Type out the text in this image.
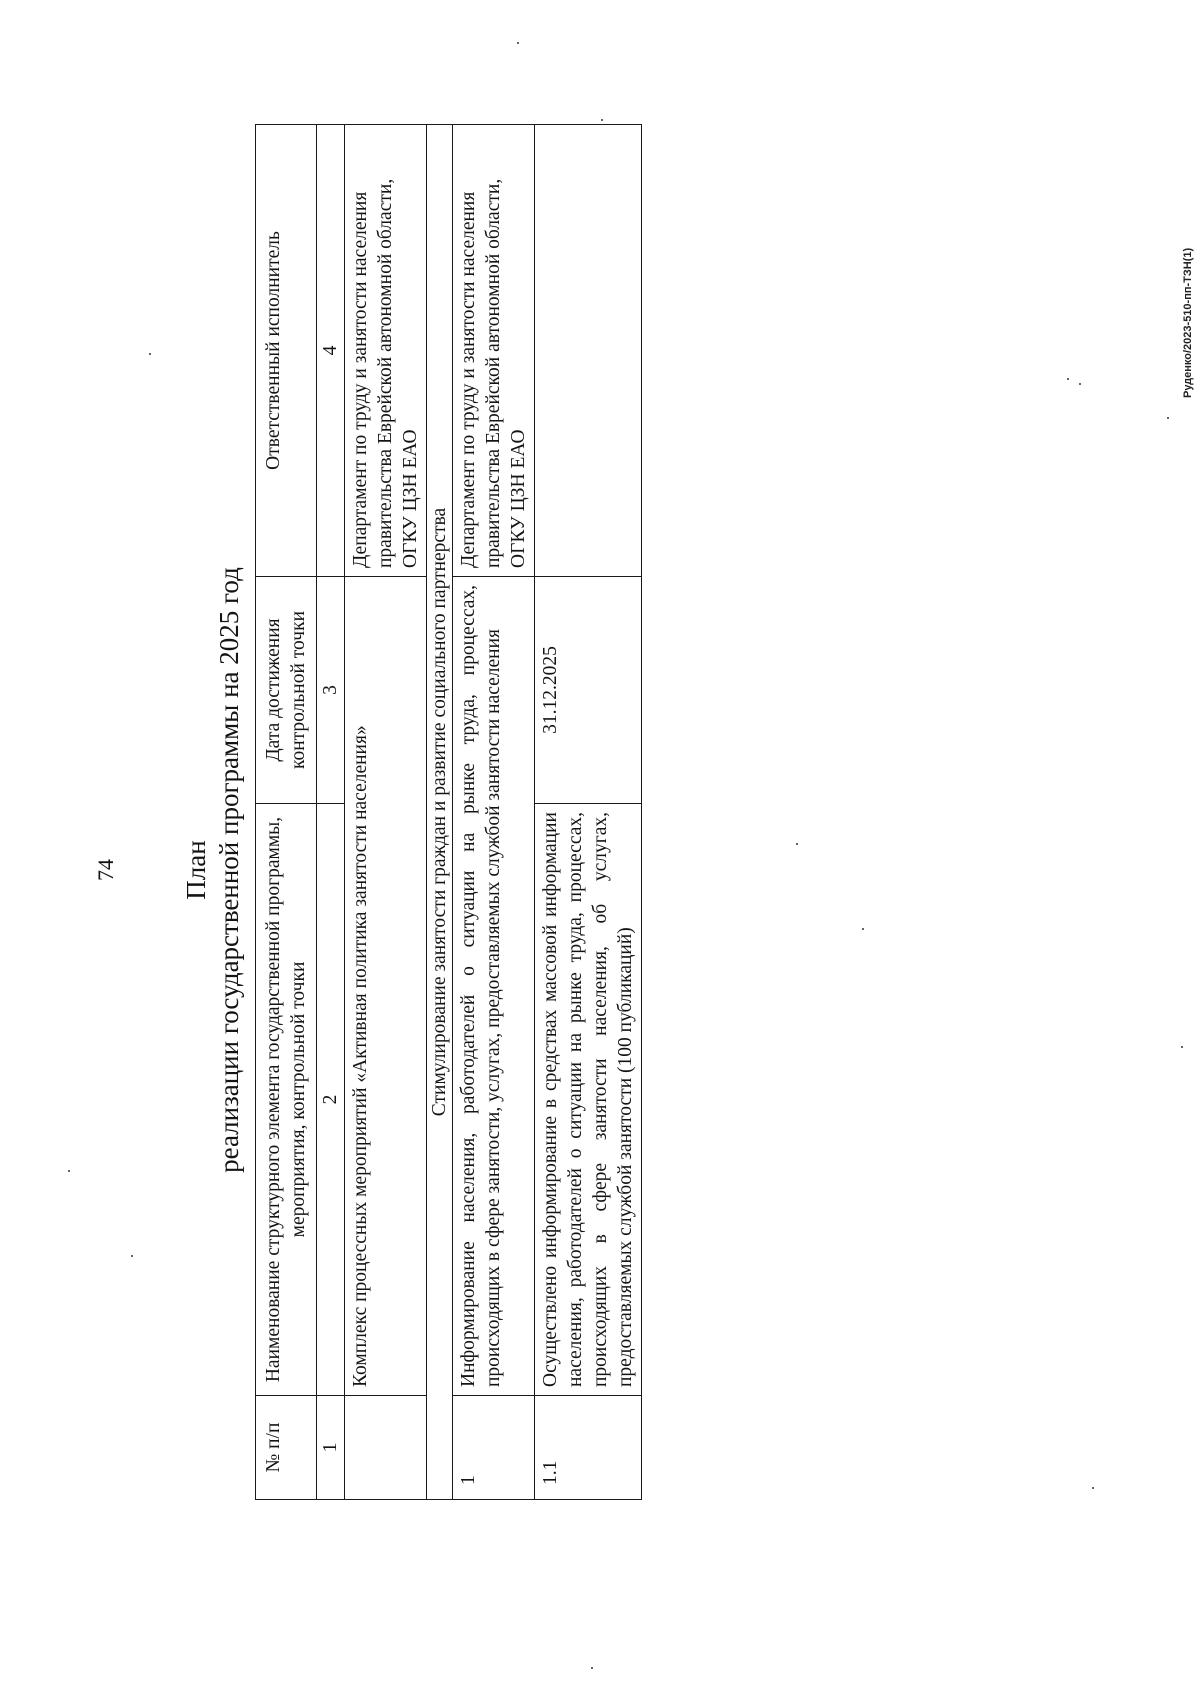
74 План реализации государственной программы на 2025 год
№ п/п	Наименование структурного элемента государственной программы, мероприятия, контрольной точки	Дата достижения контрольной точки	Ответственный исполнитель
1	2	3	4
	Комплекс процессных мероприятий «Активная политика занятости населения»		Департамент по труду и занятости населения правительства Еврейской автономной области, ОГКУ ЦЗН ЕАО
Стимулирование занятости граждан и развитие социального партнерства			
1	Информирование населения, работодателей о ситуации на рынке труда, процессах, происходящих в сфере занятости, услугах, предоставляемых службой занятости населения		Департамент по труду и занятости населения правительства Еврейской автономной области, ОГКУ ЦЗН ЕАО
1.1	Осуществлено информирование в средствах массовой информации населения, работодателей о ситуации на рынке труда, процессах, происходящих в сфере занятости населения, об услугах, предоставляемых службой занятости (100 публикаций)	31.12.2025	
Руденко/2023-510-пп-ТЗН(1)
